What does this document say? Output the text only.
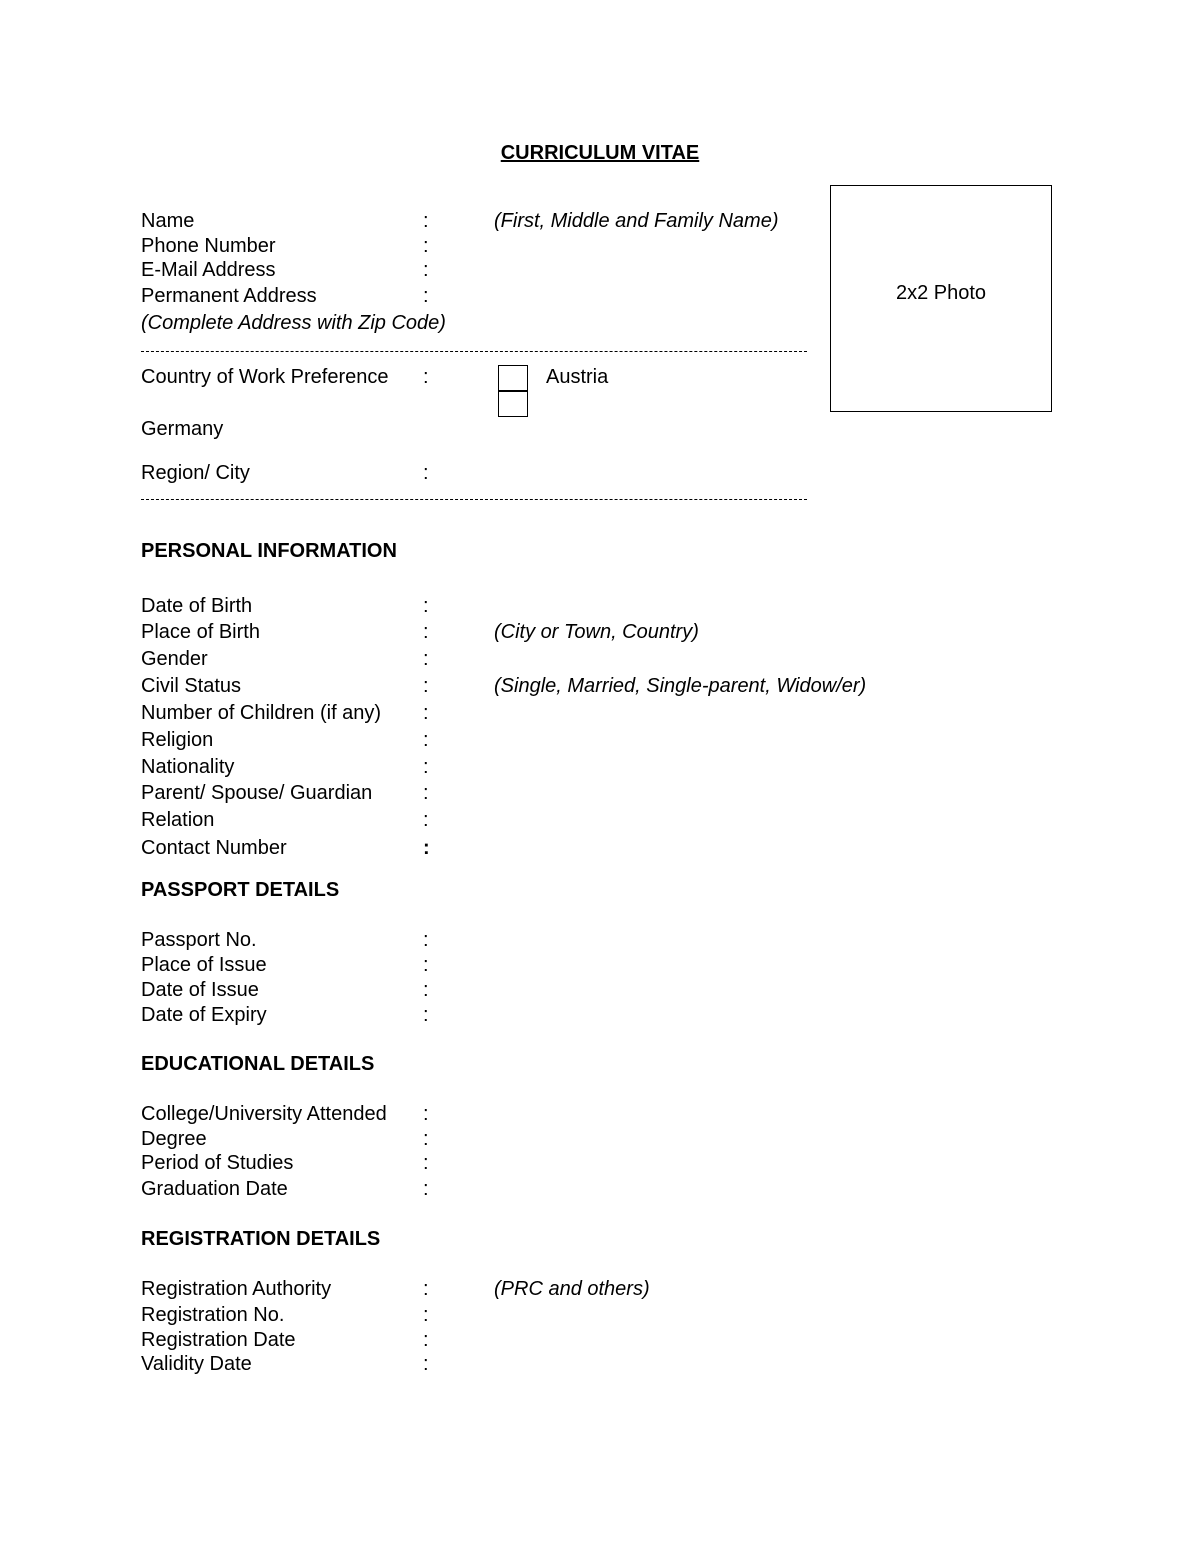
CURRICULUM VITAE
2x2 Photo
Name	:	(First, Middle and Family Name)
Phone Number	:
E-Mail Address	:
Permanent Address	:
(Complete Address with Zip Code)
Country of Work Preference :	Austria
Germany
Region/ City	:
PERSONAL INFORMATION
Date of Birth	:
Place of Birth	:	(City or Town, Country)
Gender	:
Civil Status	:	(Single, Married, Single-parent, Widow/er)
Number of Children (if any) :
Religion	:
Nationality	:
Parent/ Spouse/ Guardian	:
Relation	:
Contact Number	:
PASSPORT DETAILS
Passport No.	:
Place of Issue	:
Date of Issue	:
Date of Expiry	:
EDUCATIONAL DETAILS
College/University Attended :
Degree	:
Period of Studies	:
Graduation Date	:
REGISTRATION DETAILS
Registration Authority	:	(PRC and others)
Registration No.	:
Registration Date	:
Validity Date	:
